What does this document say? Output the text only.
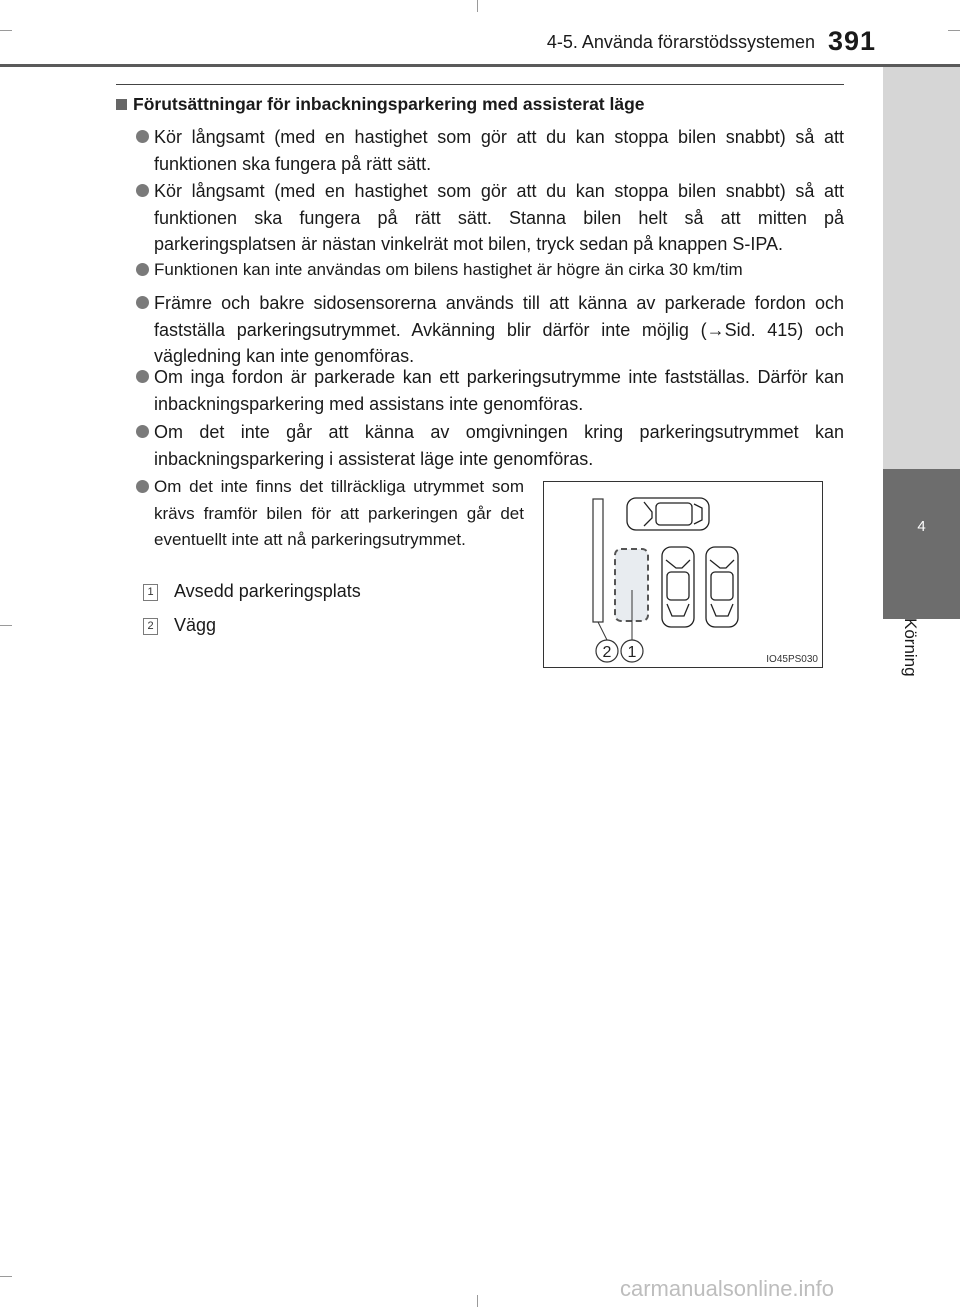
4-5. Använda förarstödssystemen 391
4
Körning
Förutsättningar för inbackningsparkering med assisterat läge
Kör långsamt (med en hastighet som gör att du kan stoppa bilen snabbt) så att funktionen ska fungera på rätt sätt.
Kör långsamt (med en hastighet som gör att du kan stoppa bilen snabbt) så att funktionen ska fungera på rätt sätt. Stanna bilen helt så att mitten på parkeringsplatsen är nästan vinkelrät mot bilen, tryck sedan på knappen S-IPA.
Funktionen kan inte användas om bilens hastighet är högre än cirka 30 km/tim
Främre och bakre sidosensorerna används till att känna av parkerade fordon och fastställa parkeringsutrymmet. Avkänning blir därför inte möjlig (→Sid. 415) och vägledning kan inte genomföras.
Om inga fordon är parkerade kan ett parkeringsutrymme inte fastställas. Därför kan inbackningsparkering med assistans inte genomföras.
Om det inte går att känna av omgivningen kring parkeringsutrymmet kan inbackningsparkering i assisterat läge inte genomföras.
Om det inte finns det tillräckliga utrymmet som krävs framför bilen för att parkeringen går det eventuellt inte att nå parkeringsutrymmet.
1 Avsedd parkeringsplats
2 Vägg
2 1	IO45PS030
carmanualsonline.info
